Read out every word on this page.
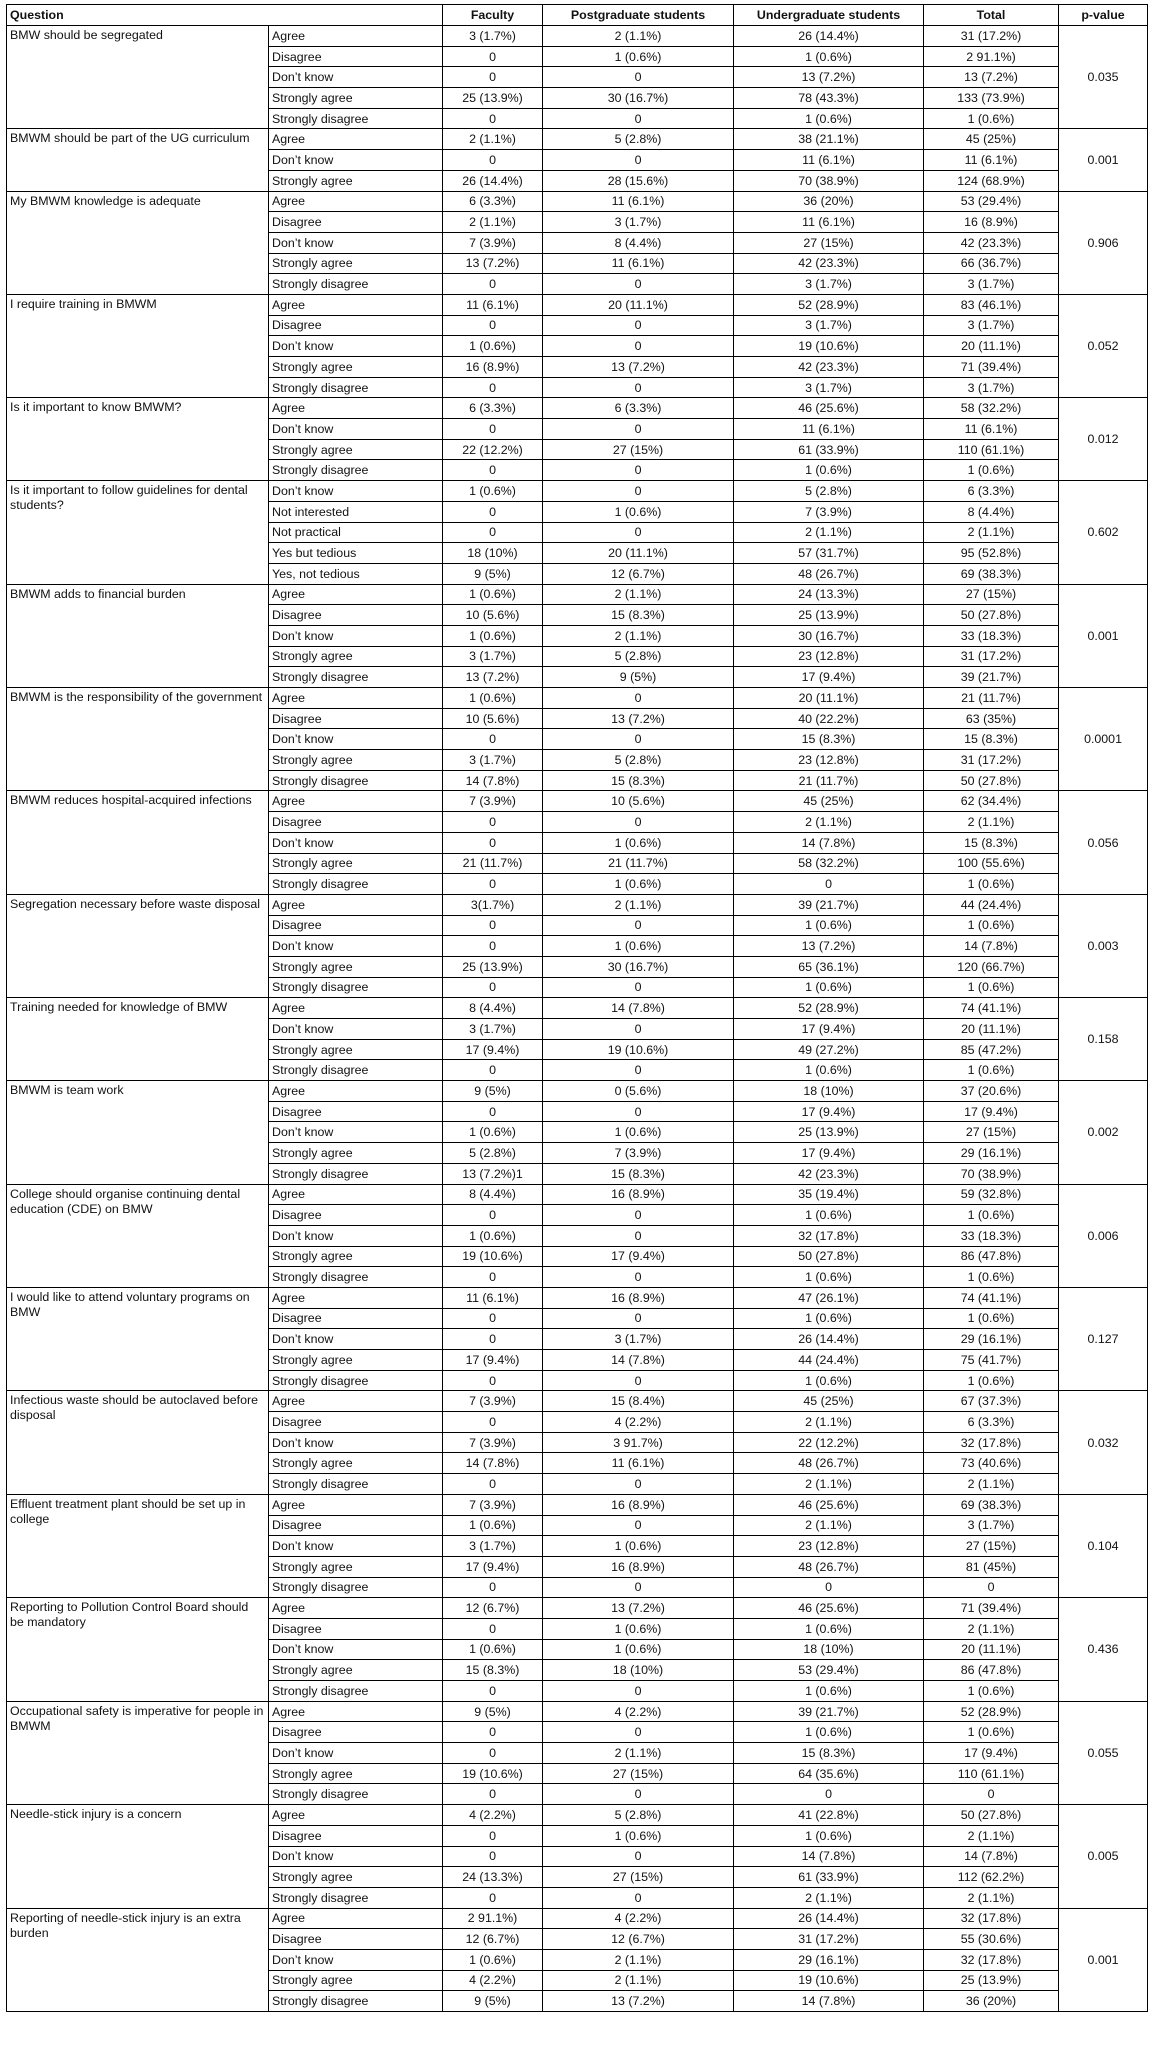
Question		Faculty	Postgraduate students	Undergraduate students	Total	p-value
BMW should be segregated	Agree	3 (1.7%)	2 (1.1%)	26 (14.4%)	31 (17.2%)	0.035
	Disagree	0	1 (0.6%)	1 (0.6%)	2 91.1%)	
	Don’t know	0	0	13 (7.2%)	13 (7.2%)	
	Strongly agree	25 (13.9%)	30 (16.7%)	78 (43.3%)	133 (73.9%)	
	Strongly disagree	0	0	1 (0.6%)	1 (0.6%)	
BMWM should be part of the UG curriculum	Agree	2 (1.1%)	5 (2.8%)	38 (21.1%)	45 (25%)	0.001
	Don’t know	0	0	11 (6.1%)	11 (6.1%)	
	Strongly agree	26 (14.4%)	28 (15.6%)	70 (38.9%)	124 (68.9%)	
My BMWM knowledge is adequate	Agree	6 (3.3%)	11 (6.1%)	36 (20%)	53 (29.4%)	0.906
	Disagree	2 (1.1%)	3 (1.7%)	11 (6.1%)	16 (8.9%)	
	Don’t know	7 (3.9%)	8 (4.4%)	27 (15%)	42 (23.3%)	
	Strongly agree	13 (7.2%)	11 (6.1%)	42 (23.3%)	66 (36.7%)	
	Strongly disagree	0	0	3 (1.7%)	3 (1.7%)	
I require training in BMWM	Agree	11 (6.1%)	20 (11.1%)	52 (28.9%)	83 (46.1%)	0.052
	Disagree	0	0	3 (1.7%)	3 (1.7%)	
	Don’t know	1 (0.6%)	0	19 (10.6%)	20 (11.1%)	
	Strongly agree	16 (8.9%)	13 (7.2%)	42 (23.3%)	71 (39.4%)	
	Strongly disagree	0	0	3 (1.7%)	3 (1.7%)	
Is it important to know BMWM?	Agree	6 (3.3%)	6 (3.3%)	46 (25.6%)	58 (32.2%)	0.012
	Don’t know	0	0	11 (6.1%)	11 (6.1%)	
	Strongly agree	22 (12.2%)	27 (15%)	61 (33.9%)	110 (61.1%)	
	Strongly disagree	0	0	1 (0.6%)	1 (0.6%)	
Is it important to follow guidelines for dental students?	Don’t know	1 (0.6%)	0	5 (2.8%)	6 (3.3%)	0.602
	Not interested	0	1 (0.6%)	7 (3.9%)	8 (4.4%)	
	Not practical	0	0	2 (1.1%)	2 (1.1%)	
	Yes but tedious	18 (10%)	20 (11.1%)	57 (31.7%)	95 (52.8%)	
	Yes, not tedious	9 (5%)	12 (6.7%)	48 (26.7%)	69 (38.3%)	
BMWM adds to financial burden	Agree	1 (0.6%)	2 (1.1%)	24 (13.3%)	27 (15%)	0.001
	Disagree	10 (5.6%)	15 (8.3%)	25 (13.9%)	50 (27.8%)	
	Don’t know	1 (0.6%)	2 (1.1%)	30 (16.7%)	33 (18.3%)	
	Strongly agree	3 (1.7%)	5 (2.8%)	23 (12.8%)	31 (17.2%)	
	Strongly disagree	13 (7.2%)	9 (5%)	17 (9.4%)	39 (21.7%)	
BMWM is the responsibility of the government	Agree	1 (0.6%)	0	20 (11.1%)	21 (11.7%)	0.0001
	Disagree	10 (5.6%)	13 (7.2%)	40 (22.2%)	63 (35%)	
	Don’t know	0	0	15 (8.3%)	15 (8.3%)	
	Strongly agree	3 (1.7%)	5 (2.8%)	23 (12.8%)	31 (17.2%)	
	Strongly disagree	14 (7.8%)	15 (8.3%)	21 (11.7%)	50 (27.8%)	
BMWM reduces hospital-acquired infections	Agree	7 (3.9%)	10 (5.6%)	45 (25%)	62 (34.4%)	0.056
	Disagree	0	0	2 (1.1%)	2 (1.1%)	
	Don’t know	0	1 (0.6%)	14 (7.8%)	15 (8.3%)	
	Strongly agree	21 (11.7%)	21 (11.7%)	58 (32.2%)	100 (55.6%)	
	Strongly disagree	0	1 (0.6%)	0	1 (0.6%)	
Segregation necessary before waste disposal	Agree	3(1.7%)	2 (1.1%)	39 (21.7%)	44 (24.4%)	0.003
	Disagree	0	0	1 (0.6%)	1 (0.6%)	
	Don’t know	0	1 (0.6%)	13 (7.2%)	14 (7.8%)	
	Strongly agree	25 (13.9%)	30 (16.7%)	65 (36.1%)	120 (66.7%)	
	Strongly disagree	0	0	1 (0.6%)	1 (0.6%)	
Training needed for knowledge of BMW	Agree	8 (4.4%)	14 (7.8%)	52 (28.9%)	74 (41.1%)	0.158
	Don’t know	3 (1.7%)	0	17 (9.4%)	20 (11.1%)	
	Strongly agree	17 (9.4%)	19 (10.6%)	49 (27.2%)	85 (47.2%)	
	Strongly disagree	0	0	1 (0.6%)	1 (0.6%)	
BMWM is team work	Agree	9 (5%)	0 (5.6%)	18 (10%)	37 (20.6%)	0.002
	Disagree	0	0	17 (9.4%)	17 (9.4%)	
	Don’t know	1 (0.6%)	1 (0.6%)	25 (13.9%)	27 (15%)	
	Strongly agree	5 (2.8%)	7 (3.9%)	17 (9.4%)	29 (16.1%)	
	Strongly disagree	13 (7.2%)1	15 (8.3%)	42 (23.3%)	70 (38.9%)	
College should organise continuing dental education (CDE) on BMW	Agree	8 (4.4%)	16 (8.9%)	35 (19.4%)	59 (32.8%)	0.006
	Disagree	0	0	1 (0.6%)	1 (0.6%)	
	Don’t know	1 (0.6%)	0	32 (17.8%)	33 (18.3%)	
	Strongly agree	19 (10.6%)	17 (9.4%)	50 (27.8%)	86 (47.8%)	
	Strongly disagree	0	0	1 (0.6%)	1 (0.6%)	
I would like to attend voluntary programs on BMW	Agree	11 (6.1%)	16 (8.9%)	47 (26.1%)	74 (41.1%)	0.127
	Disagree	0	0	1 (0.6%)	1 (0.6%)	
	Don’t know	0	3 (1.7%)	26 (14.4%)	29 (16.1%)	
	Strongly agree	17 (9.4%)	14 (7.8%)	44 (24.4%)	75 (41.7%)	
	Strongly disagree	0	0	1 (0.6%)	1 (0.6%)	
Infectious waste should be autoclaved before disposal	Agree	7 (3.9%)	15 (8.4%)	45 (25%)	67 (37.3%)	0.032
	Disagree	0	4 (2.2%)	2 (1.1%)	6 (3.3%)	
	Don’t know	7 (3.9%)	3 91.7%)	22 (12.2%)	32 (17.8%)	
	Strongly agree	14 (7.8%)	11 (6.1%)	48 (26.7%)	73 (40.6%)	
	Strongly disagree	0	0	2 (1.1%)	2 (1.1%)	
Effluent treatment plant should be set up in college	Agree	7 (3.9%)	16 (8.9%)	46 (25.6%)	69 (38.3%)	0.104
	Disagree	1 (0.6%)	0	2 (1.1%)	3 (1.7%)	
	Don’t know	3 (1.7%)	1 (0.6%)	23 (12.8%)	27 (15%)	
	Strongly agree	17 (9.4%)	16 (8.9%)	48 (26.7%)	81 (45%)	
	Strongly disagree	0	0	0	0	
Reporting to Pollution Control Board should be mandatory	Agree	12 (6.7%)	13 (7.2%)	46 (25.6%)	71 (39.4%)	0.436
	Disagree	0	1 (0.6%)	1 (0.6%)	2 (1.1%)	
	Don’t know	1 (0.6%)	1 (0.6%)	18 (10%)	20 (11.1%)	
	Strongly agree	15 (8.3%)	18 (10%)	53 (29.4%)	86 (47.8%)	
	Strongly disagree	0	0	1 (0.6%)	1 (0.6%)	
Occupational safety is imperative for people in BMWM	Agree	9 (5%)	4 (2.2%)	39 (21.7%)	52 (28.9%)	0.055
	Disagree	0	0	1 (0.6%)	1 (0.6%)	
	Don’t know	0	2 (1.1%)	15 (8.3%)	17 (9.4%)	
	Strongly agree	19 (10.6%)	27 (15%)	64 (35.6%)	110 (61.1%)	
	Strongly disagree	0	0	0	0	
Needle-stick injury is a concern	Agree	4 (2.2%)	5 (2.8%)	41 (22.8%)	50 (27.8%)	0.005
	Disagree	0	1 (0.6%)	1 (0.6%)	2 (1.1%)	
	Don’t know	0	0	14 (7.8%)	14 (7.8%)	
	Strongly agree	24 (13.3%)	27 (15%)	61 (33.9%)	112 (62.2%)	
	Strongly disagree	0	0	2 (1.1%)	2 (1.1%)	
Reporting of needle-stick injury is an extra burden	Agree	2 91.1%)	4 (2.2%)	26 (14.4%)	32 (17.8%)	0.001
	Disagree	12 (6.7%)	12 (6.7%)	31 (17.2%)	55 (30.6%)	
	Don’t know	1 (0.6%)	2 (1.1%)	29 (16.1%)	32 (17.8%)	
	Strongly agree	4 (2.2%)	2 (1.1%)	19 (10.6%)	25 (13.9%)	
	Strongly disagree	9 (5%)	13 (7.2%)	14 (7.8%)	36 (20%)	
